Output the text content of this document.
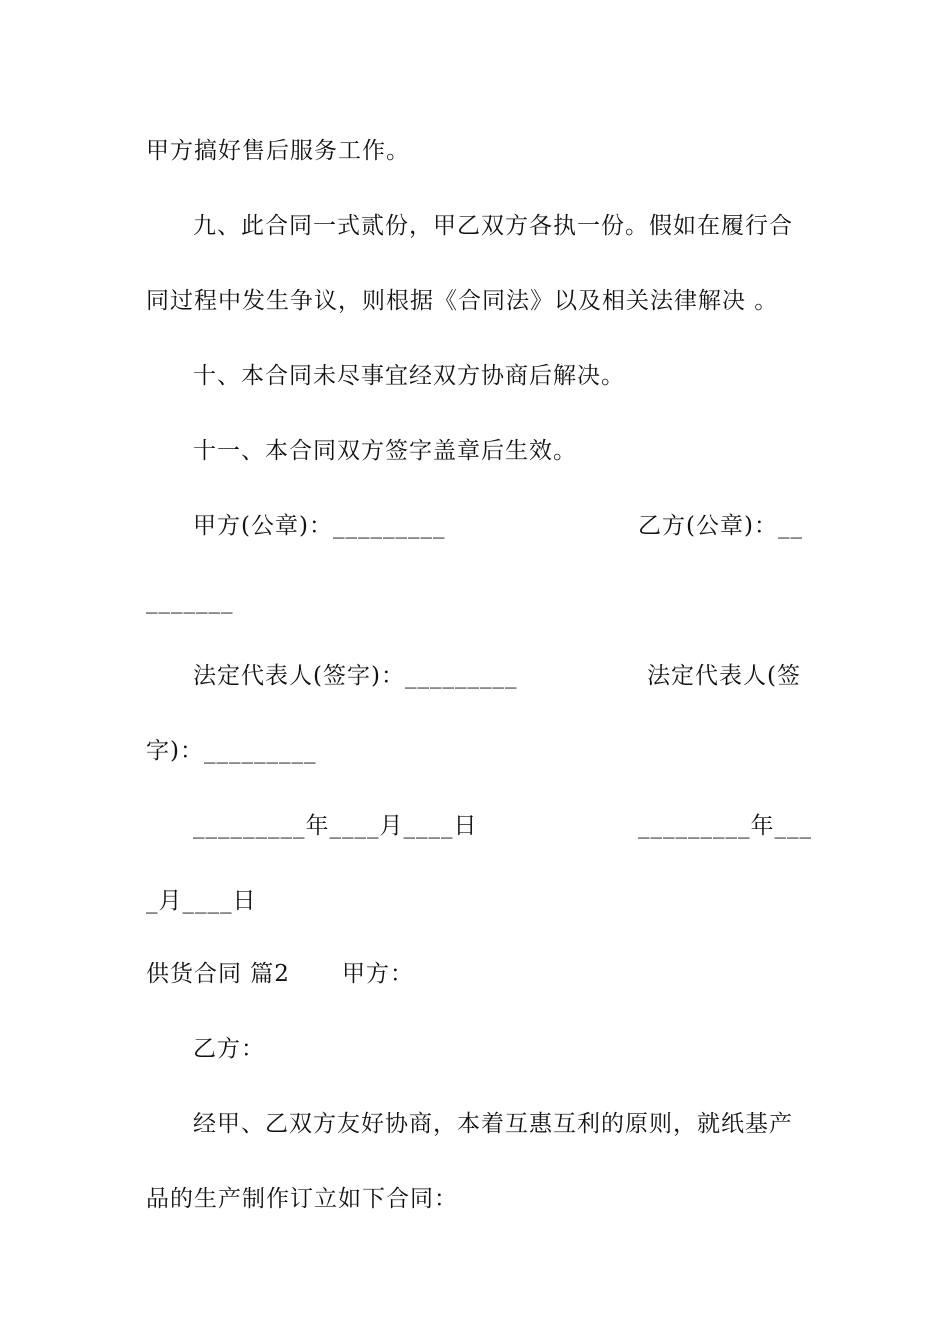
甲方搞好售后服务工作。
九、此合同一式贰份，甲乙双方各执一份。假如在履行合
同过程中发生争议，则根据《合同法》以及相关法律解决 。
十、本合同未尽事宜经双方协商后解决。
十一、本合同双方签字盖章后生效。
甲方(公章)：_________	乙方(公章)：__
_______
法定代表人(签字)：_________	法定代表人(签
字)：_________
_________年____月____日	_________年___
_月____日
供货合同 篇2 甲方：
乙方：
经甲、乙双方友好协商，本着互惠互利的原则，就纸基产
品的生产制作订立如下合同：
